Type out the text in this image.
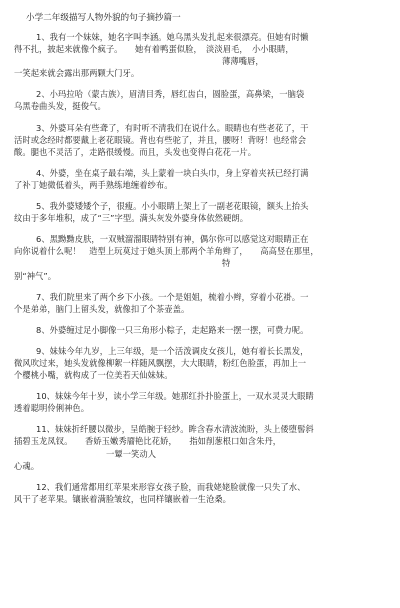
小学二年级描写人物外貌的句子摘抄篇一
1、我有一个妹妹，她名字叫李涵。她乌黑头发扎起来很漂亮。但她有时懒
得不扎，披起来就像个疯子。　　她有着鸭蛋似脸，　淡淡眉毛，　小小眼睛，
薄薄嘴唇，
一笑起来就会露出那两颗大门牙。
2、小玛拉哈（蒙古族），眉清目秀，唇红齿白，圆脸蛋，高鼻梁，一脑袋
乌黑卷曲头发，挺俊气。
3、外婆耳朵有些聋了，有时听不清我们在说什么。眼睛也有些老花了，干
活时或念经时都要戴上老花眼镜。背也有些驼了，并且，腰呀！背呀！也经常会
酸。腿也不灵活了，走路很缓慢。而且，头发也变得白花花一片。
4、外婆，坐在桌子最右端，头上蒙着一块白头巾，身上穿着夹袄已经打满
了补丁她微低着头，两手熟练地缠着纱布。
5、我外婆矮矮个子，很瘦。小小眼睛上架上了一副老花眼镜，额头上抬头
纹由于多年堆积，成了“三”字型。满头灰发外婆身体依然硬朗。
6、黑黝黝皮肤，一双贼溜溜眼睛特别有神，偶尔你可以感觉这对眼睛正在
向你说着什么呢！　造型上玩莫过于她头顶上那两个羊角辫了，　　高高竖在那里，
特
别“神气”。
7、我们院里来了两个乡下小孩。一个是姐姐，梳着小辫，穿着小花褂。一
个是弟弟，脑门上留头发，就像扣了个茶壶盖。
8、外婆缠过足小脚像一只三角形小粽子，走起路来一摆一摆，可费力呢。
9、妹妹今年九岁，上三年级，是一个活泼调皮女孩儿，她有着长长黑发，
微风吹过来，她头发就像柳絮一样随风飘摆，大大眼睛，粉红色脸蛋，再加上一
个樱桃小嘴，就构成了一位美若天仙妹妹。
10、妹妹今年十岁，读小学三年级。她那红扑扑脸蛋上，一双水灵灵大眼睛
透着聪明伶俐神色。
11、妹妹折纤腰以微步，呈皓腕于轻纱。眸含春水清波流盼，头上倭堕髻斜
插碧玉龙凤钗。　　香娇玉嫩秀靥艳比花娇，　　指如削葱根口如含朱丹，
一颦一笑动人
心魂。
12、我们通常都用红苹果来形容女孩子脸，而我姥姥脸就像一只失了水、
风干了老苹果。镶嵌着满脸皱纹，也同样镶嵌着一生沧桑。
